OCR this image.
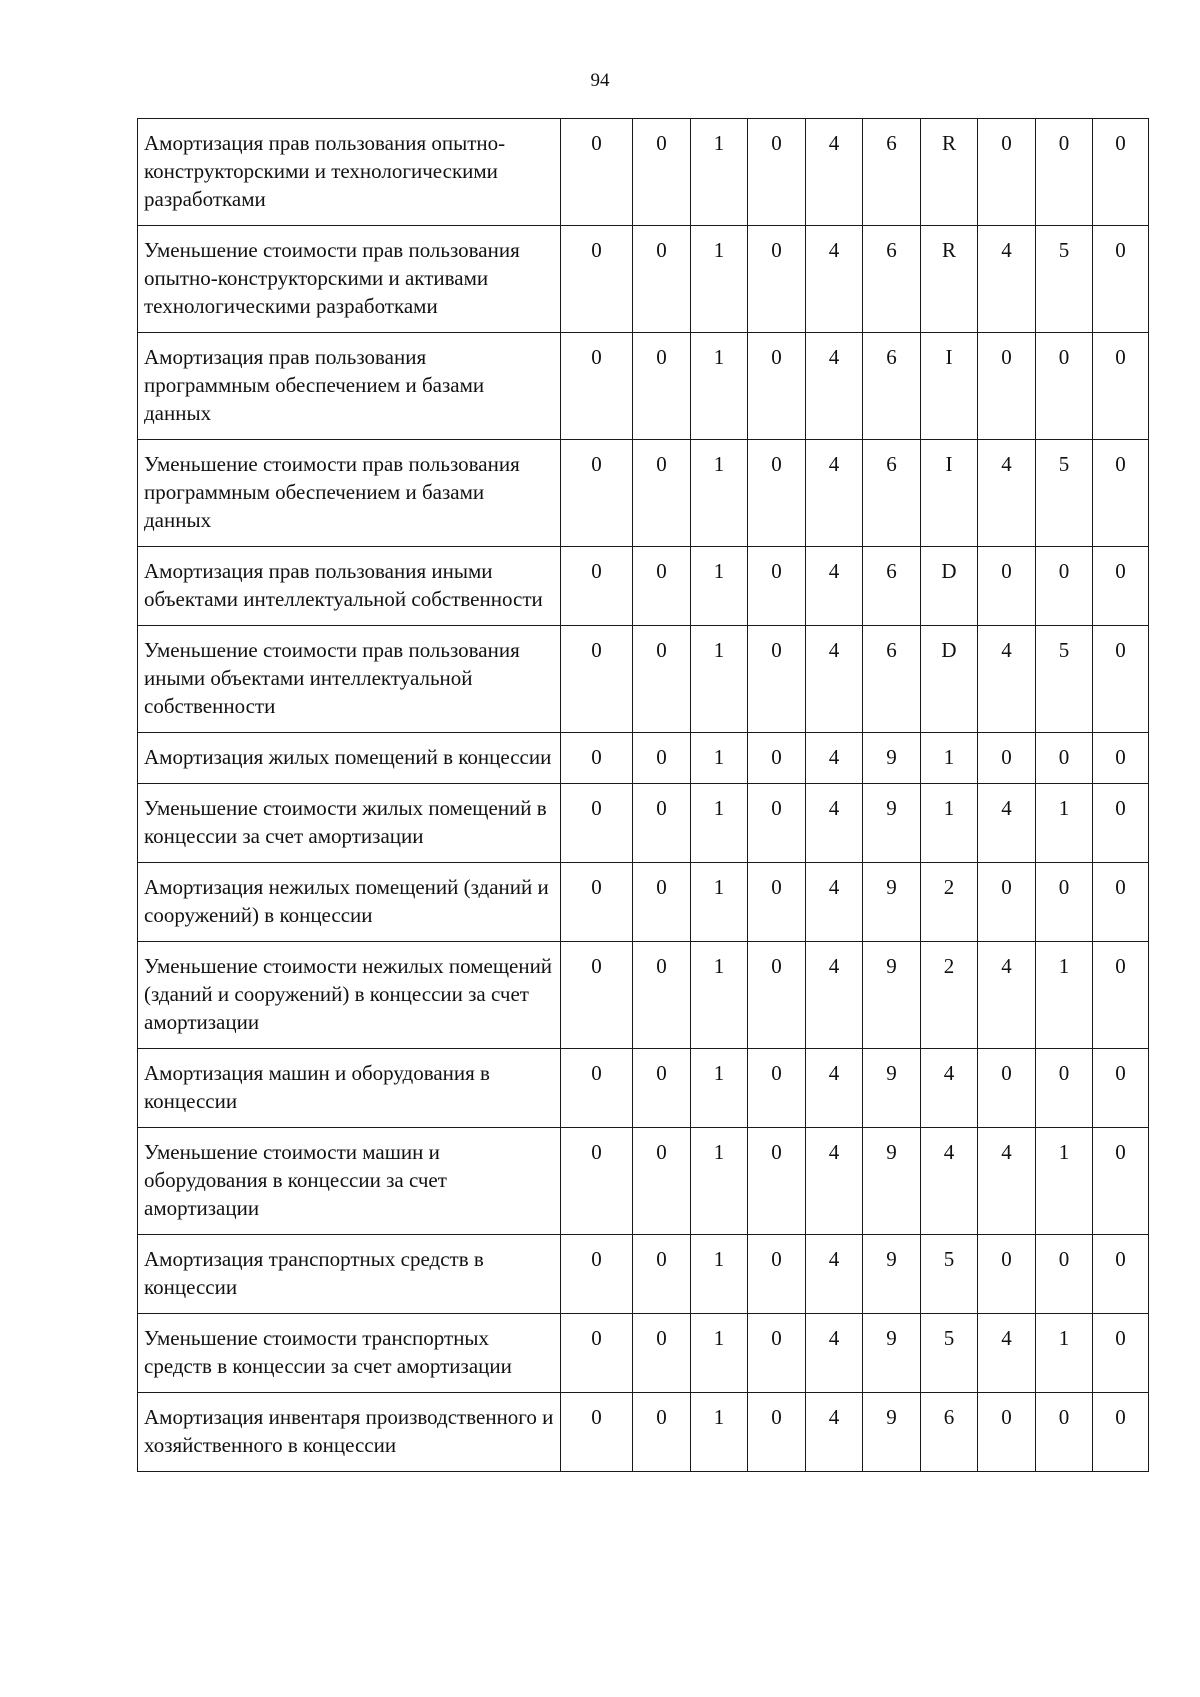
94
Амортизация прав пользования опытно-конструкторскими и технологическими разработками	0	0	1	0	4	6	R	0	0	0
Уменьшение стоимости прав пользования опытно-конструкторскими и активами технологическими разработками	0	0	1	0	4	6	R	4	5	0
Амортизация прав пользования программным обеспечением и базами данных	0	0	1	0	4	6	I	0	0	0
Уменьшение стоимости прав пользования программным обеспечением и базами данных	0	0	1	0	4	6	I	4	5	0
Амортизация прав пользования иными объектами интеллектуальной собственности	0	0	1	0	4	6	D	0	0	0
Уменьшение стоимости прав пользования иными объектами интеллектуальной собственности	0	0	1	0	4	6	D	4	5	0
Амортизация жилых помещений в концессии	0	0	1	0	4	9	1	0	0	0
Уменьшение стоимости жилых помещений в концессии за счет амортизации	0	0	1	0	4	9	1	4	1	0
Амортизация нежилых помещений (зданий и сооружений) в концессии	0	0	1	0	4	9	2	0	0	0
Уменьшение стоимости нежилых помещений (зданий и сооружений) в концессии за счет амортизации	0	0	1	0	4	9	2	4	1	0
Амортизация машин и оборудования в концессии	0	0	1	0	4	9	4	0	0	0
Уменьшение стоимости машин и оборудования в концессии за счет амортизации	0	0	1	0	4	9	4	4	1	0
Амортизация транспортных средств в концессии	0	0	1	0	4	9	5	0	0	0
Уменьшение стоимости транспортных средств в концессии за счет амортизации	0	0	1	0	4	9	5	4	1	0
Амортизация инвентаря производственного и хозяйственного в концессии	0	0	1	0	4	9	6	0	0	0
